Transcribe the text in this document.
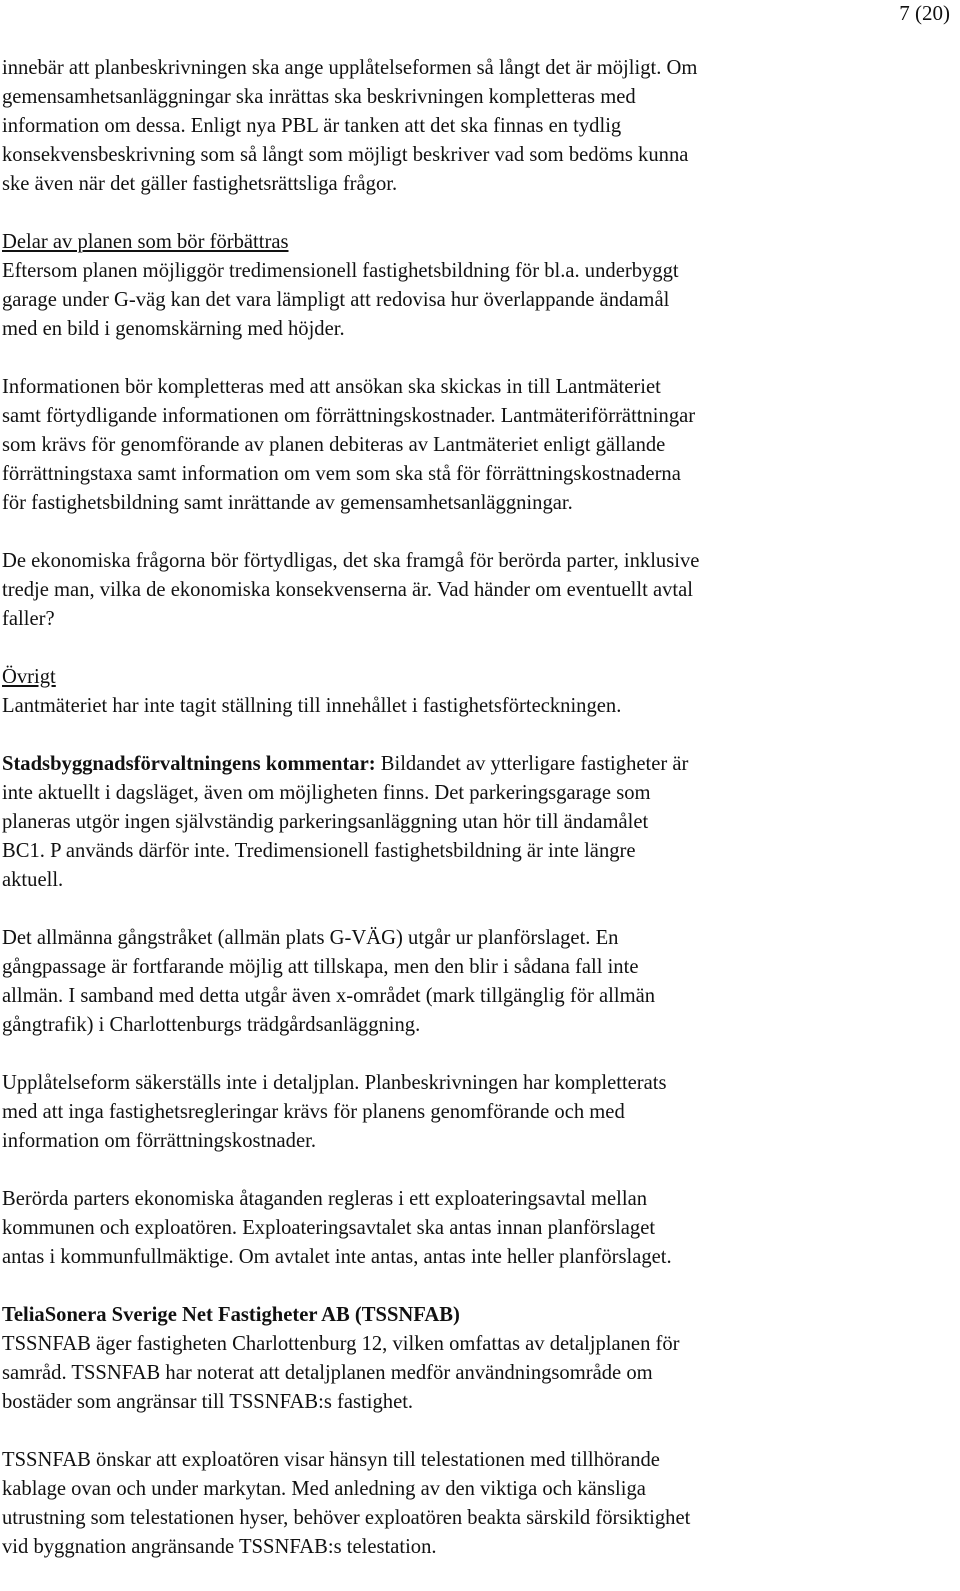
7 (20)

innebär att planbeskrivningen ska ange upplåtelseformen så långt det är möjligt. Om
gemensamhetsanläggningar ska inrättas ska beskrivningen kompletteras med
information om dessa. Enligt nya PBL är tanken att det ska finnas en tydlig
konsekvensbeskrivning som så långt som möjligt beskriver vad som bedöms kunna
ske även när det gäller fastighetsrättsliga frågor.

Delar av planen som bör förbättras
Eftersom planen möjliggör tredimensionell fastighetsbildning för bl.a. underbyggt
garage under G-väg kan det vara lämpligt att redovisa hur överlappande ändamål
med en bild i genomskärning med höjder.

Informationen bör kompletteras med att ansökan ska skickas in till Lantmäteriet
samt förtydligande informationen om förrättningskostnader. Lantmäteriförrättningar
som krävs för genomförande av planen debiteras av Lantmäteriet enligt gällande
förrättningstaxa samt information om vem som ska stå för förrättningskostnaderna
för fastighetsbildning samt inrättande av gemensamhetsanläggningar.

De ekonomiska frågorna bör förtydligas, det ska framgå för berörda parter, inklusive
tredje man, vilka de ekonomiska konsekvenserna är. Vad händer om eventuellt avtal
faller?

Övrigt
Lantmäteriet har inte tagit ställning till innehållet i fastighetsförteckningen.

Stadsbyggnadsförvaltningens kommentar: Bildandet av ytterligare fastigheter är
inte aktuellt i dagsläget, även om möjligheten finns. Det parkeringsgarage som
planeras utgör ingen självständig parkeringsanläggning utan hör till ändamålet
BC1. P används därför inte. Tredimensionell fastighetsbildning är inte längre
aktuell.

Det allmänna gångstråket (allmän plats G-VÄG) utgår ur planförslaget. En
gångpassage är fortfarande möjlig att tillskapa, men den blir i sådana fall inte
allmän. I samband med detta utgår även x-området (mark tillgänglig för allmän
gångtrafik) i Charlottenburgs trädgårdsanläggning.

Upplåtelseform säkerställs inte i detaljplan. Planbeskrivningen har kompletterats
med att inga fastighetsregleringar krävs för planens genomförande och med
information om förrättningskostnader.

Berörda parters ekonomiska åtaganden regleras i ett exploateringsavtal mellan
kommunen och exploatören. Exploateringsavtalet ska antas innan planförslaget
antas i kommunfullmäktige. Om avtalet inte antas, antas inte heller planförslaget.

TeliaSonera Sverige Net Fastigheter AB (TSSNFAB)
TSSNFAB äger fastigheten Charlottenburg 12, vilken omfattas av detaljplanen för
samråd. TSSNFAB har noterat att detaljplanen medför användningsområde om
bostäder som angränsar till TSSNFAB:s fastighet.

TSSNFAB önskar att exploatören visar hänsyn till telestationen med tillhörande
kablage ovan och under markytan. Med anledning av den viktiga och känsliga
utrustning som telestationen hyser, behöver exploatören beakta särskild försiktighet
vid byggnation angränsande TSSNFAB:s telestation.
